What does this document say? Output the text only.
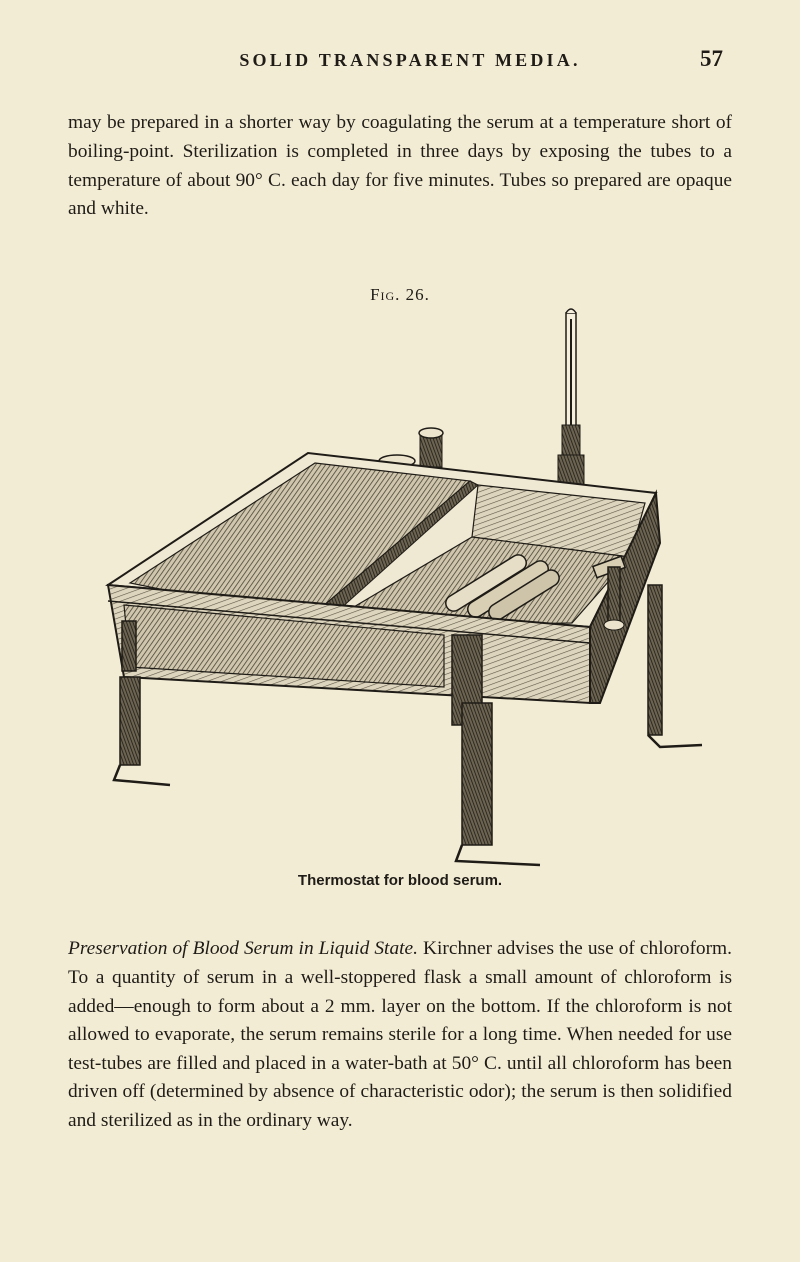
SOLID TRANSPARENT MEDIA.	57

may be prepared in a shorter way by coagulating the serum at a temperature short of boiling-point. Sterilization is completed in three days by exposing the tubes to a temperature of about 90° C. each day for five minutes. Tubes so prepared are opaque and white.

Fig. 26.
Thermostat for blood serum.

Preservation of Blood Serum in Liquid State. Kirchner advises the use of chloroform. To a quantity of serum in a well-stoppered flask a small amount of chloroform is added—enough to form about a 2 mm. layer on the bottom. If the chloroform is not allowed to evaporate, the serum remains sterile for a long time. When needed for use test-tubes are filled and placed in a water-bath at 50° C. until all chloroform has been driven off (determined by absence of characteristic odor); the serum is then solidified and sterilized as in the ordinary way.
